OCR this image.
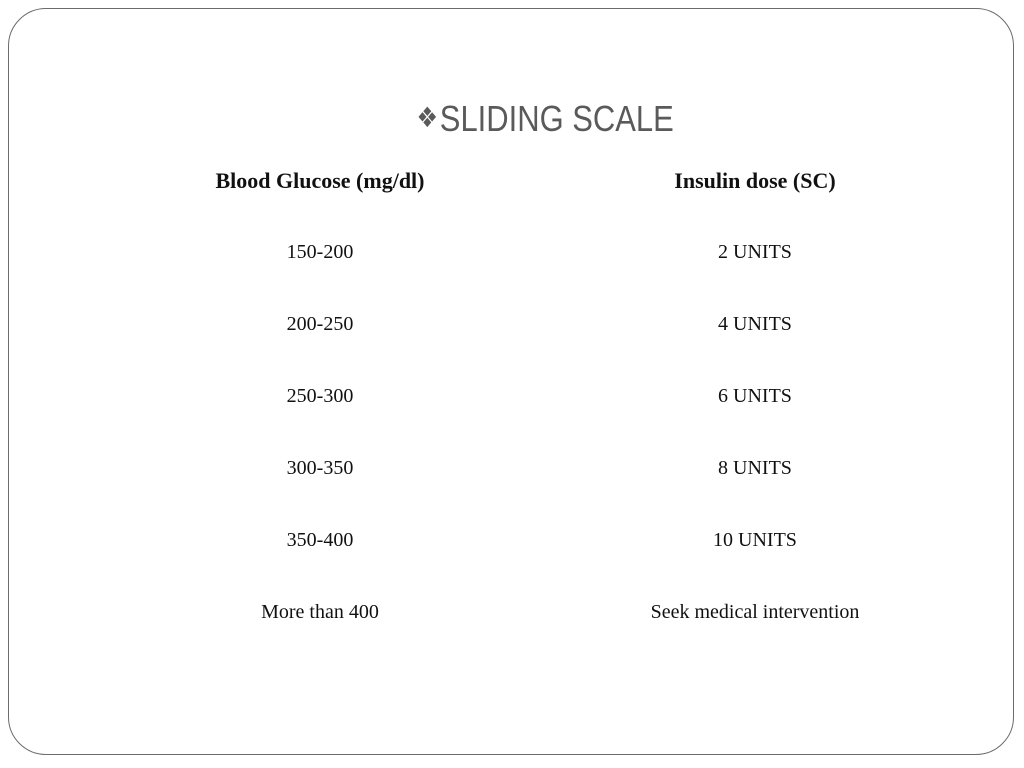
❖SLIDING SCALE
Blood Glucose (mg/dl)	Insulin dose (SC)
150-200	2 UNITS
200-250	4 UNITS
250-300	6 UNITS
300-350	8 UNITS
350-400	10 UNITS
More than 400	Seek medical intervention
